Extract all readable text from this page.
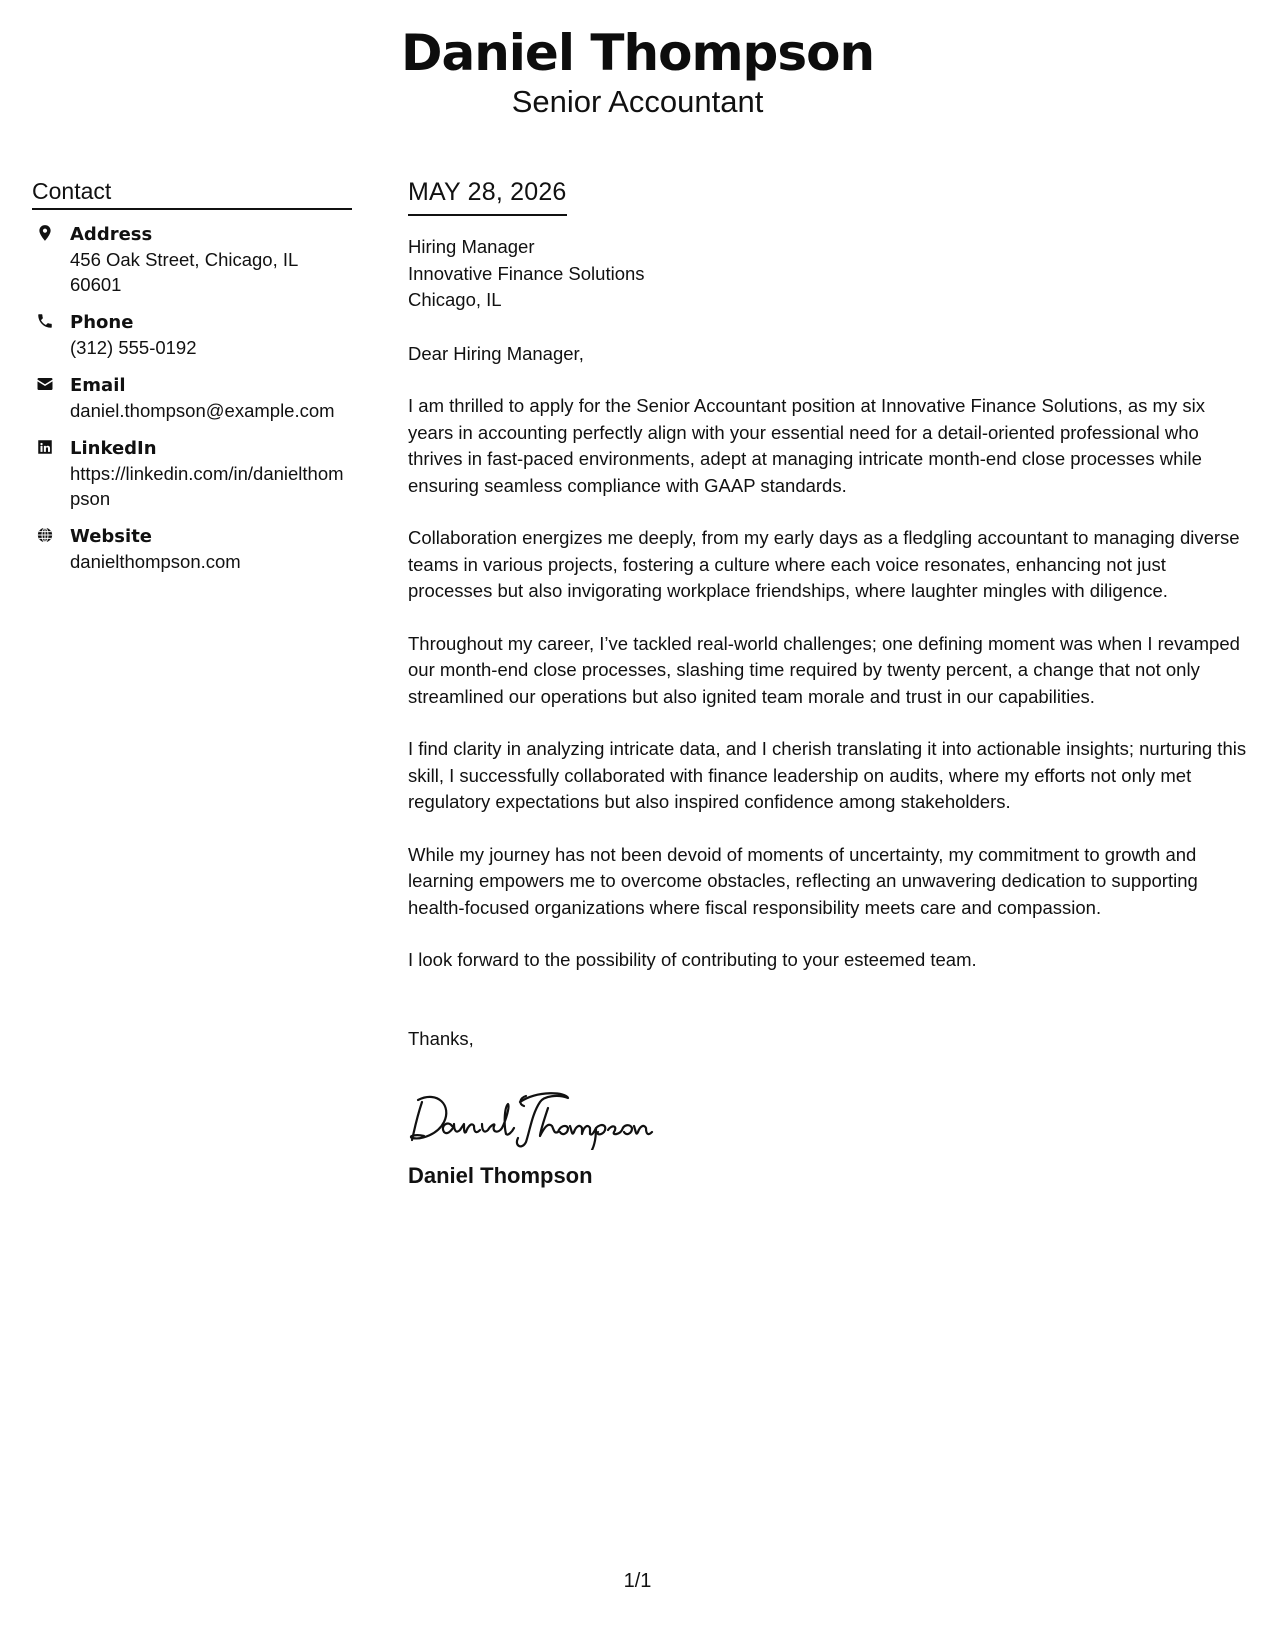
Daniel Thompson
Senior Accountant
Contact
Address
456 Oak Street, Chicago, IL 60601
Phone
(312) 555-0192
Email
daniel.thompson@example.com
LinkedIn
https://linkedin.com/in/danielthompson
Website
danielthompson.com
MAY 28, 2026
Hiring Manager
Innovative Finance Solutions
Chicago, IL
Dear Hiring Manager,
I am thrilled to apply for the Senior Accountant position at Innovative Finance Solutions, as my six years in accounting perfectly align with your essential need for a detail-oriented professional who thrives in fast-paced environments, adept at managing intricate month-end close processes while ensuring seamless compliance with GAAP standards.
Collaboration energizes me deeply, from my early days as a fledgling accountant to managing diverse teams in various projects, fostering a culture where each voice resonates, enhancing not just processes but also invigorating workplace friendships, where laughter mingles with diligence.
Throughout my career, I’ve tackled real-world challenges; one defining moment was when I revamped our month-end close processes, slashing time required by twenty percent, a change that not only streamlined our operations but also ignited team morale and trust in our capabilities.
I find clarity in analyzing intricate data, and I cherish translating it into actionable insights; nurturing this skill, I successfully collaborated with finance leadership on audits, where my efforts not only met regulatory expectations but also inspired confidence among stakeholders.
While my journey has not been devoid of moments of uncertainty, my commitment to growth and learning empowers me to overcome obstacles, reflecting an unwavering dedication to supporting health-focused organizations where fiscal responsibility meets care and compassion.
I look forward to the possibility of contributing to your esteemed team.
Thanks,
Daniel Thompson
1/1
